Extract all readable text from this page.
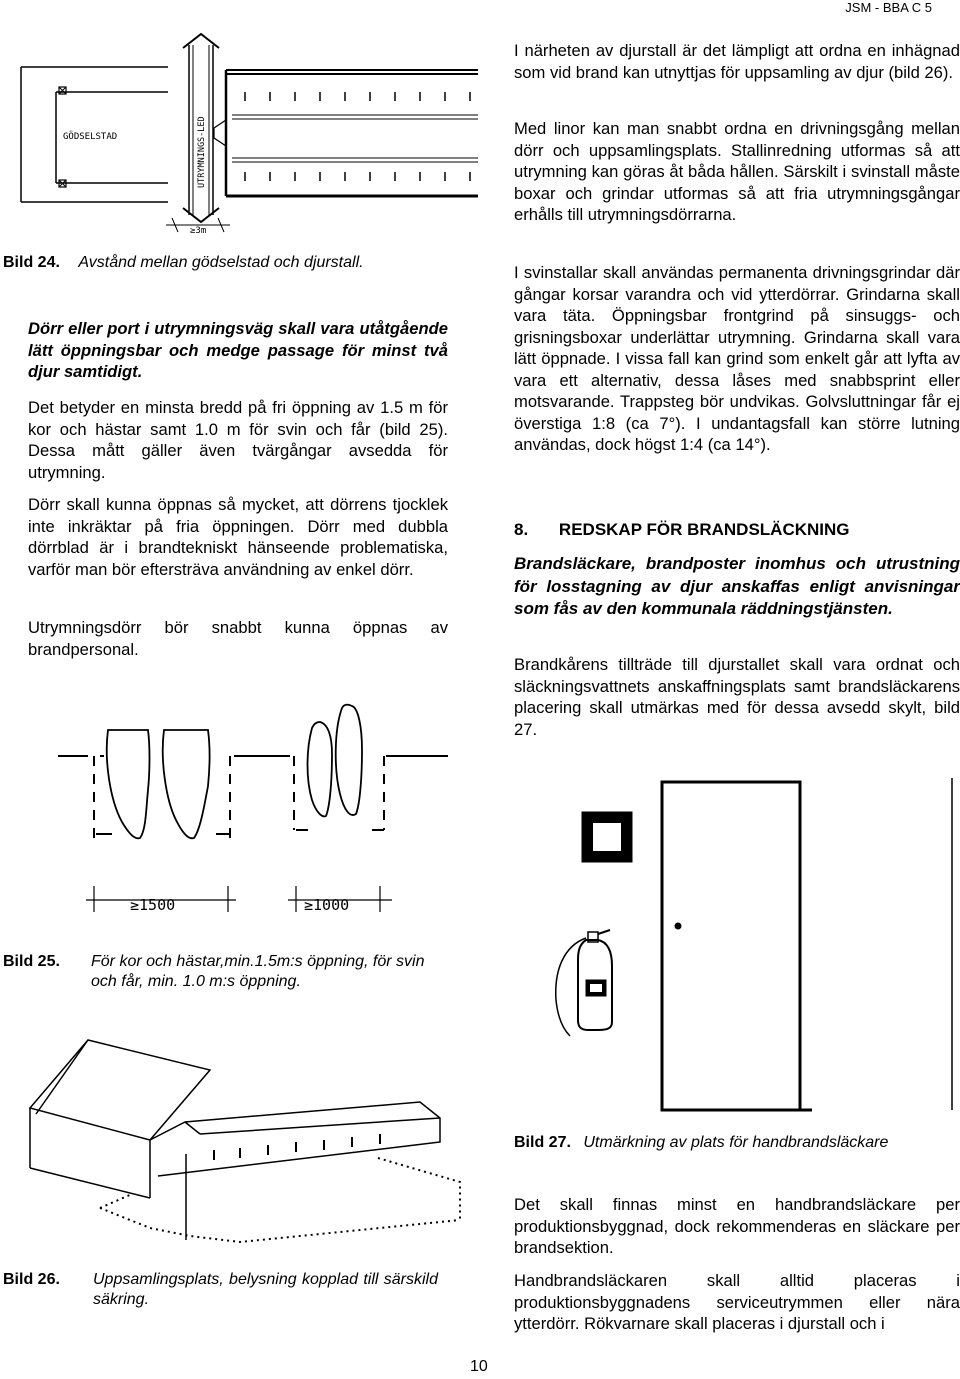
JSM - BBA C 5
GÖDSELSTAD	UTRYMNINGS-LED
≥3m
Bild 24. Avstånd mellan gödselstad och djurstall.

Dörr eller port i utrymningsväg skall vara utåtgående lätt öppningsbar och medge passage för minst två djur samtidigt.

Det betyder en minsta bredd på fri öppning av 1.5 m för kor och hästar samt 1.0 m för svin och får (bild 25). Dessa mått gäller även tvärgångar avsedda för utrymning.

Dörr skall kunna öppnas så mycket, att dörrens tjocklek inte inkräktar på fria öppningen. Dörr med dubbla dörrblad är i brandtekniskt hänseende problematiska, varför man bör eftersträva användning av enkel dörr.

Utrymningsdörr bör snabbt kunna öppnas av brandpersonal.

≥1500	≥1000
Bild 25. För kor och hästar,min.1.5m:s öppning, för svin och får, min. 1.0 m:s öppning.
Bild 26. Uppsamlingsplats, belysning kopplad till särskild säkring.

I närheten av djurstall är det lämpligt att ordna en inhägnad som vid brand kan utnyttjas för uppsamling av djur (bild 26).

Med linor kan man snabbt ordna en drivningsgång mellan dörr och uppsamlingsplats. Stallinredning utformas så att utrymning kan göras åt båda hållen. Särskilt i svinstall måste boxar och grindar utformas så att fria utrymningsgångar erhålls till utrymningsdörrarna.

I svinstallar skall användas permanenta drivningsgrindar där gångar korsar varandra och vid ytterdörrar. Grindarna skall vara täta. Öppningsbar frontgrind på sinsuggs- och grisningsboxar underlättar utrymning. Grindarna skall vara lätt öppnade. I vissa fall kan grind som enkelt går att lyfta av vara ett alternativ, dessa låses med snabbsprint eller motsvarande. Trappsteg bör undvikas. Golvsluttningar får ej överstiga 1:8 (ca 7°). I undantagsfall kan större lutning användas, dock högst 1:4 (ca 14°).

8. REDSKAP FÖR BRANDSLÄCKNING

Brandsläckare, brandposter inomhus och utrustning för losstagning av djur anskaffas enligt anvisningar som fås av den kommunala räddningstjänsten.

Brandkårens tillträde till djurstallet skall vara ordnat och släckningsvattnets anskaffningsplats samt brandsläckarens placering skall utmärkas med för dessa avsedd skylt, bild 27.

Bild 27. Utmärkning av plats för handbrandsläckare

Det skall finnas minst en handbrandsläckare per produktionsbyggnad, dock rekommenderas en släckare per brandsektion.

Handbrandsläckaren skall alltid placeras i produktionsbyggnadens serviceutrymmen eller nära ytterdörr. Rökvarnare skall placeras i djurstall och i

10
